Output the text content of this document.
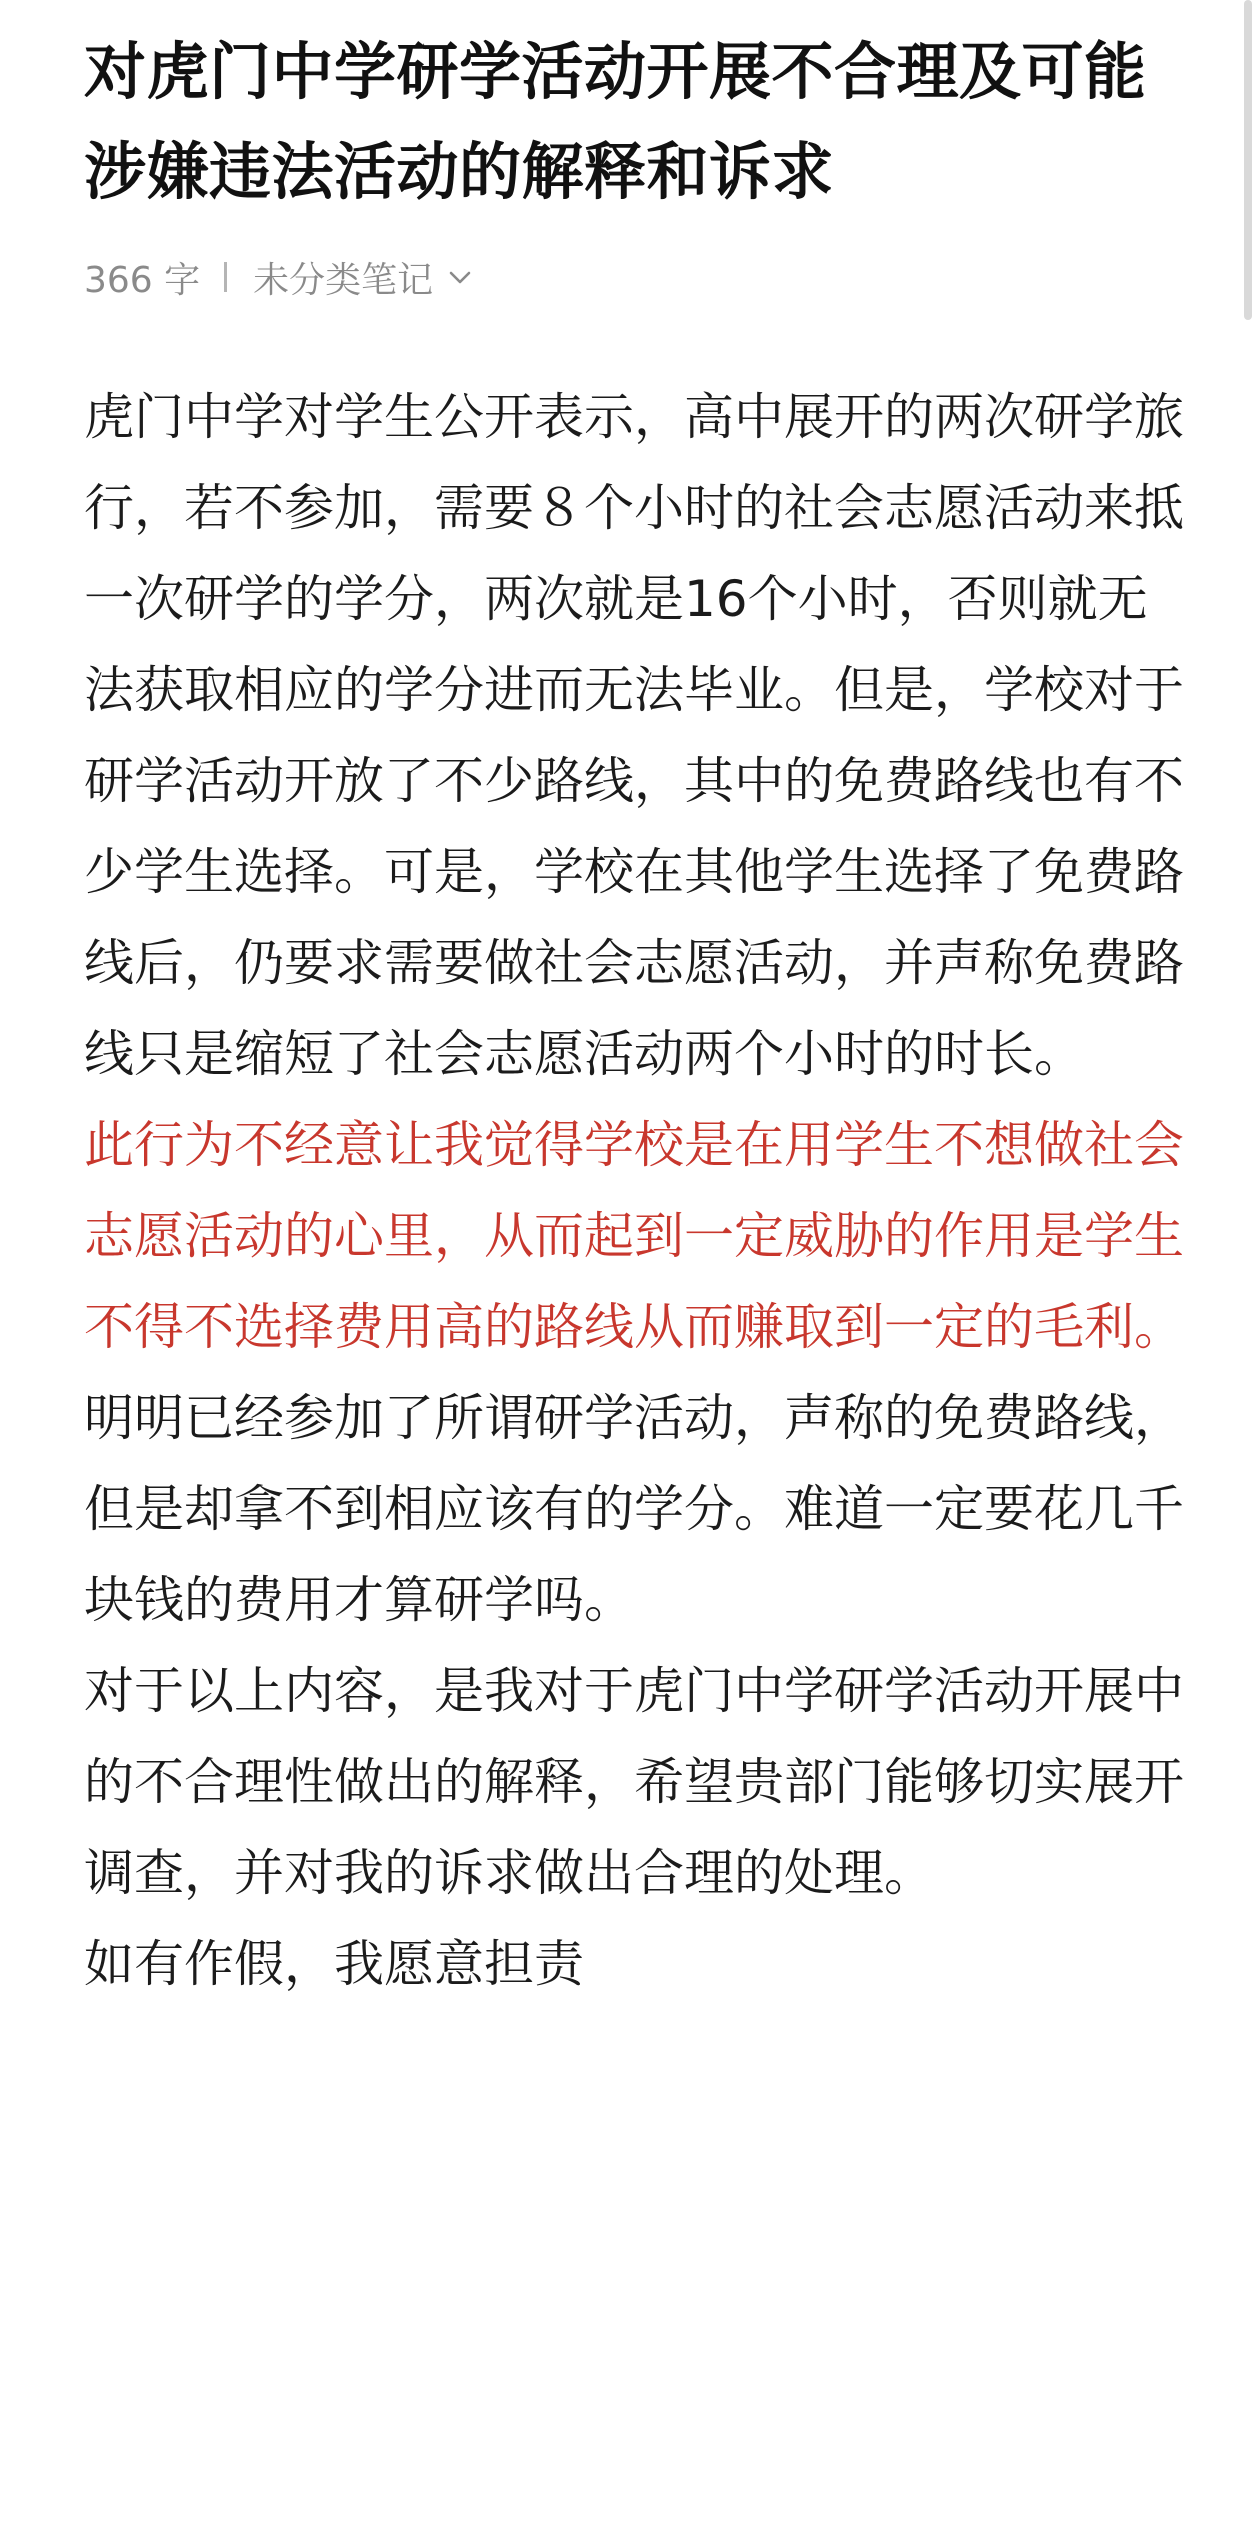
对虎门中学研学活动开展不合理及可能涉嫌违法活动的解释和诉求
366 字 未分类笔记

虎门中学对学生公开表示，高中展开的两次研学旅行，若不参加，需要８个小时的社会志愿活动来抵一次研学的学分，两次就是16个小时，否则就无法获取相应的学分进而无法毕业。但是，学校对于研学活动开放了不少路线，其中的免费路线也有不少学生选择。可是，学校在其他学生选择了免费路线后，仍要求需要做社会志愿活动，并声称免费路线只是缩短了社会志愿活动两个小时的时长。

此行为不经意让我觉得学校是在用学生不想做社会志愿活动的心里，从而起到一定威胁的作用是学生不得不选择费用高的路线从而赚取到一定的毛利。

明明已经参加了所谓研学活动，声称的免费路线，但是却拿不到相应该有的学分。难道一定要花几千块钱的费用才算研学吗。

对于以上内容，是我对于虎门中学研学活动开展中的不合理性做出的解释，希望贵部门能够切实展开调查，并对我的诉求做出合理的处理。

如有作假，我愿意担责
